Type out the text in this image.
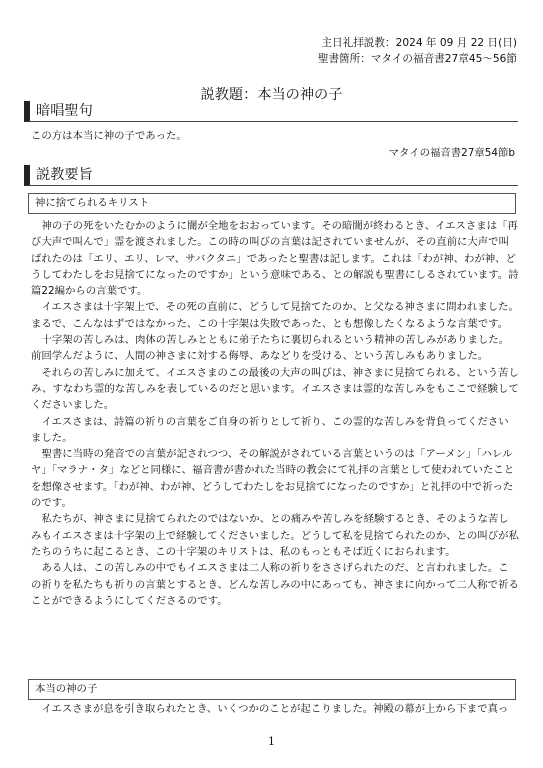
主日礼拝説教：2024 年 09 月 22 日(日)
聖書箇所：マタイの福音書27章45～56節
説教題：本当の神の子
暗唱聖句
この方は本当に神の子であった。
マタイの福音書27章54節b
説教要旨
神に捨てられるキリスト

神の子の死をいたむかのように闇が全地をおおっています。その暗闇が終わるとき、イエスさまは「再び大声で叫んで」霊を渡されました。この時の叫びの言葉は記されていませんが、その直前に大声で叫ばれたのは「エリ、エリ、レマ、サバクタニ」であったと聖書は記します。これは「わが神、わが神、どうしてわたしをお見捨てになったのですか」という意味である、との解説も聖書にしるされています。詩篇22編からの言葉です。

イエスさまは十字架上で、その死の直前に、どうして見捨てたのか、と父なる神さまに問われました。まるで、こんなはずではなかった、この十字架は失敗であった、とも想像したくなるような言葉です。

十字架の苦しみは、肉体の苦しみとともに弟子たちに裏切られるという精神の苦しみがありました。前回学んだように、人間の神さまに対する侮辱、あなどりを受ける、という苦しみもありました。

それらの苦しみに加えて、イエスさまのこの最後の大声の叫びは、神さまに見捨てられる、という苦しみ、すなわち霊的な苦しみを表しているのだと思います。イエスさまは霊的な苦しみをもここで経験してくださいました。

イエスさまは、詩篇の祈りの言葉をご自身の祈りとして祈り、この霊的な苦しみを背負ってくださいました。

聖書に当時の発音での言葉が記されつつ、その解説がされている言葉というのは「アーメン」「ハレルヤ」「マラナ・タ」などと同様に、福音書が書かれた当時の教会にて礼拝の言葉として使われていたことを想像させます。「わが神、わが神、どうしてわたしをお見捨てになったのですか」と礼拝の中で祈ったのです。

私たちが、神さまに見捨てられたのではないか、との痛みや苦しみを経験するとき、そのような苦しみもイエスさまは十字架の上で経験してくださいました。どうして私を見捨てられたのか、との叫びが私たちのうちに起こるとき、この十字架のキリストは、私のもっともそば近くにおられます。

ある人は、この苦しみの中でもイエスさまは二人称の祈りをささげられたのだ、と言われました。この祈りを私たちも祈りの言葉とするとき、どんな苦しみの中にあっても、神さまに向かって二人称で祈ることができるようにしてくださるのです。

本当の神の子

イエスさまが息を引き取られたとき、いくつかのことが起こりました。神殿の幕が上から下まで真っ

1
